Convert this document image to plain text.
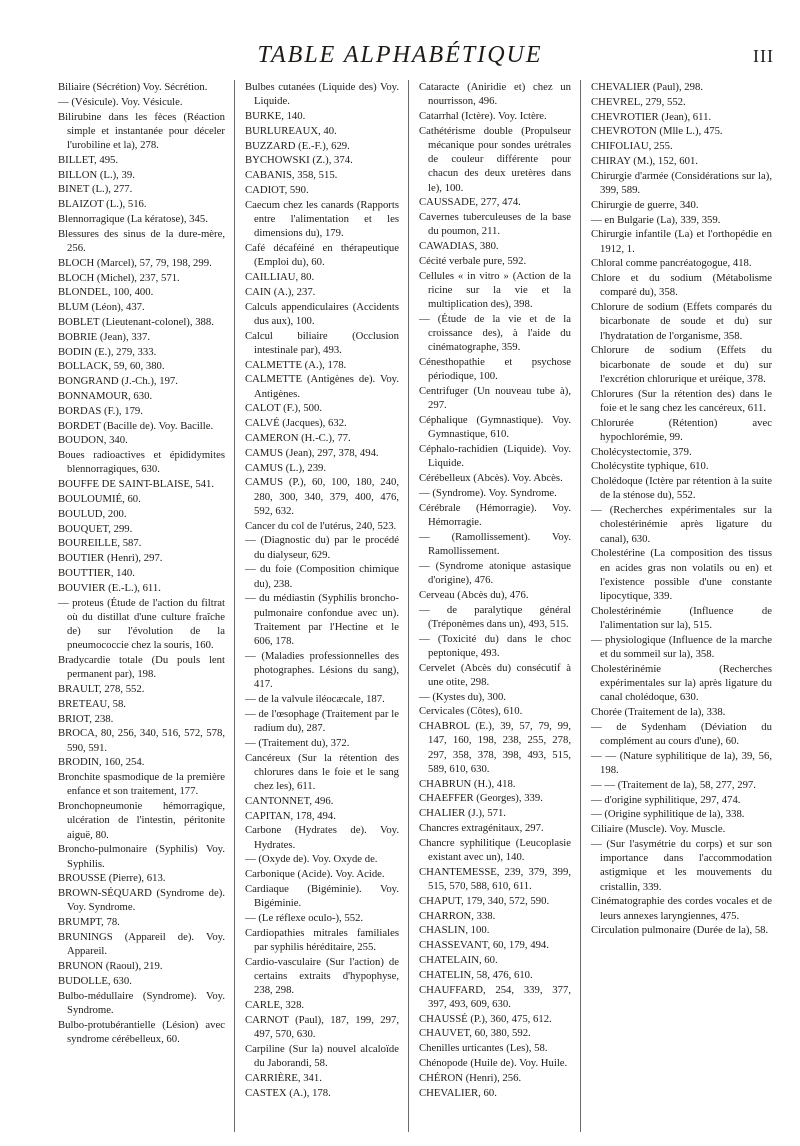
TABLE ALPHABÉTIQUE	III

Biliaire (Sécrétion) Voy. Sécrétion.

— (Vésicule). Voy. Vésicule.

Bilirubine dans les fèces (Réaction simple et instantanée pour déceler l'urobiline et la), 278.

BILLET, 495.

BILLON (L.), 39.

BINET (L.), 277.

BLAIZOT (L.), 516.

Blennorragique (La kératose), 345.

Blessures des sinus de la dure-mère, 256.

BLOCH (Marcel), 57, 79, 198, 299.

BLOCH (Michel), 237, 571.

BLONDEL, 100, 400.

BLUM (Léon), 437.

BOBLET (Lieutenant-colonel), 388.

BOBRIE (Jean), 337.

BODIN (E.), 279, 333.

BOLLACK, 59, 60, 380.

BONGRAND (J.-Ch.), 197.

BONNAMOUR, 630.

BORDAS (F.), 179.

BORDET (Bacille de). Voy. Bacille.

BOUDON, 340.

Boues radioactives et épididymites blennorragiques, 630.

BOUFFE DE SAINT-BLAISE, 541.

BOULOUMIÉ, 60.

BOULUD, 200.

BOUQUET, 299.

BOUREILLE, 587.

BOUTIER (Henri), 297.

BOUTTIER, 140.

BOUVIER (E.-L.), 611.

— proteus (Étude de l'action du filtrat où du distillat d'une culture fraîche de) sur l'évolution de la pneumococcie chez la souris, 160.

Bradycardie totale (Du pouls lent permanent par), 198.

BRAULT, 278, 552.

BRETEAU, 58.

BRIOT, 238.

BROCA, 80, 256, 340, 516, 572, 578, 590, 591.

BRODIN, 160, 254.

Bronchite spasmodique de la première enfance et son traitement, 177.

Bronchopneumonie hémorragique, ulcération de l'intestin, péritonite aiguë, 80.

Broncho-pulmonaire (Syphilis) Voy. Syphilis.

BROUSSE (Pierre), 613.

BROWN-SÉQUARD (Syndrome de). Voy. Syndrome.

BRUMPT, 78.

BRUNINGS (Appareil de). Voy. Appareil.

BRUNON (Raoul), 219.

BUDOLLE, 630.

Bulbo-médullaire (Syndrome). Voy. Syndrome.

Bulbo-protubérantielle (Lésion) avec syndrome cérébelleux, 60.

Bulbes cutanées (Liquide des) Voy. Liquide.

BURKE, 140.

BURLUREAUX, 40.

BUZZARD (E.-F.), 629.

BYCHOWSKI (Z.), 374.

CABANIS, 358, 515.

CADIOT, 590.

Caecum chez les canards (Rapports entre l'alimentation et les dimensions du), 179.

Café décaféiné en thérapeutique (Emploi du), 60.

CAILLIAU, 80.

CAIN (A.), 237.

Calculs appendiculaires (Accidents dus aux), 100.

Calcul biliaire (Occlusion intestinale par), 493.

CALMETTE (A.), 178.

CALMETTE (Antigènes de). Voy. Antigènes.

CALOT (F.), 500.

CALVÉ (Jacques), 632.

CAMERON (H.-C.), 77.

CAMUS (Jean), 297, 378, 494.

CAMUS (L.), 239.

CAMUS (P.), 60, 100, 180, 240, 280, 300, 340, 379, 400, 476, 592, 632.

Cancer du col de l'utérus, 240, 523.

— (Diagnostic du) par le procédé du dialyseur, 629.

— du foie (Composition chimique du), 238.

— du médiastin (Syphilis broncho-pulmonaire confondue avec un). Traitement par l'Hectine et le 606, 178.

— (Maladies professionnelles des photographes. Lésions du sang), 417.

— de la valvule iléocæcale, 187.

— de l'œsophage (Traitement par le radium du), 287.

— (Traitement du), 372.

Cancéreux (Sur la rétention des chlorures dans le foie et le sang chez les), 611.

CANTONNET, 496.

CAPITAN, 178, 494.

Carbone (Hydrates de). Voy. Hydrates.

— (Oxyde de). Voy. Oxyde de.

Carbonique (Acide). Voy. Acide.

Cardiaque (Bigéminie). Voy. Bigéminie.

— (Le réflexe oculo-), 552.

Cardiopathies mitrales familiales par syphilis héréditaire, 255.

Cardio-vasculaire (Sur l'action) de certains extraits d'hypophyse, 238, 298.

CARLE, 328.

CARNOT (Paul), 187, 199, 297, 497, 570, 630.

Carpiline (Sur la) nouvel alcaloïde du Jaborandi, 58.

CARRIÈRE, 341.

CASTEX (A.), 178.

Cataracte (Aniridie et) chez un nourrisson, 496.

Catarrhal (Ictère). Voy. Ictère.

Cathétérisme double (Propulseur mécanique pour sondes urétrales de couleur différente pour chacun des deux uretères dans le), 100.

CAUSSADE, 277, 474.

Cavernes tuberculeuses de la base du poumon, 211.

CAWADIAS, 380.

Cécité verbale pure, 592.

Cellules « in vitro » (Action de la ricine sur la vie et la multiplication des), 398.

— (Étude de la vie et de la croissance des), à l'aide du cinématographe, 359.

Cénesthopathie et psychose périodique, 100.

Centrifuger (Un nouveau tube à), 297.

Céphalique (Gymnastique). Voy. Gymnastique, 610.

Céphalo-rachidien (Liquide). Voy. Liquide.

Cérébelleux (Abcès). Voy. Abcès.

— (Syndrome). Voy. Syndrome.

Cérébrale (Hémorragie). Voy. Hémorragie.

— (Ramollissement). Voy. Ramollissement.

— (Syndrome atonique astasique d'origine), 476.

Cerveau (Abcès du), 476.

— de paralytique général (Tréponèmes dans un), 493, 515.

— (Toxicité du) dans le choc peptonique, 493.

Cervelet (Abcès du) consécutif à une otite, 298.

— (Kystes du), 300.

Cervicales (Côtes), 610.

CHABROL (E.), 39, 57, 79, 99, 147, 160, 198, 238, 255, 278, 297, 358, 378, 398, 493, 515, 589, 610, 630.

CHABRUN (H.), 418.

CHAEFFER (Georges), 339.

CHALIER (J.), 571.

Chancres extragénitaux, 297.

Chancre syphilitique (Leucoplasie existant avec un), 140.

CHANTEMESSE, 239, 379, 399, 515, 570, 588, 610, 611.

CHAPUT, 179, 340, 572, 590.

CHARRON, 338.

CHASLIN, 100.

CHASSEVANT, 60, 179, 494.

CHATELAIN, 60.

CHATELIN, 58, 476, 610.

CHAUFFARD, 254, 339, 377, 397, 493, 609, 630.

CHAUSSÉ (P.), 360, 475, 612.

CHAUVET, 60, 380, 592.

Chenilles urticantes (Les), 58.

Chénopode (Huile de). Voy. Huile.

CHÉRON (Henri), 256.

CHEVALIER, 60.

CHEVALIER (Paul), 298.

CHEVREL, 279, 552.

CHEVROTIER (Jean), 611.

CHEVROTON (Mlle L.), 475.

CHIFOLIAU, 255.

CHIRAY (M.), 152, 601.

Chirurgie d'armée (Considérations sur la), 399, 589.

Chirurgie de guerre, 340.

— en Bulgarie (La), 339, 359.

Chirurgie infantile (La) et l'orthopédie en 1912, 1.

Chloral comme pancréatogogue, 418.

Chlore et du sodium (Métabolisme comparé du), 358.

Chlorure de sodium (Effets comparés du bicarbonate de soude et du) sur l'hydratation de l'organisme, 358.

Chlorure de sodium (Effets du bicarbonate de soude et du) sur l'excrétion chlorurique et uréique, 378.

Chlorures (Sur la rétention des) dans le foie et le sang chez les cancéreux, 611.

Chlorurée (Rétention) avec hypochlorémie, 99.

Cholécystectomie, 379.

Cholécystite typhique, 610.

Cholédoque (Ictère par rétention à la suite de la sténose du), 552.

— (Recherches expérimentales sur la cholestérinémie après ligature du canal), 630.

Cholestérine (La composition des tissus en acides gras non volatils ou en) et l'existence possible d'une constante lipocytique, 339.

Cholestérinémie (Influence de l'alimentation sur la), 515.

— physiologique (Influence de la marche et du sommeil sur la), 358.

Cholestérinémie (Recherches expérimentales sur la) après ligature du canal cholédoque, 630.

Chorée (Traitement de la), 338.

— de Sydenham (Déviation du complément au cours d'une), 60.

— — (Nature syphilitique de la), 39, 56, 198.

— — (Traitement de la), 58, 277, 297.

— d'origine syphilitique, 297, 474.

— (Origine syphilitique de la), 338.

Ciliaire (Muscle). Voy. Muscle.

— (Sur l'asymétrie du corps) et sur son importance dans l'accommodation astigmique et les mouvements du cristallin, 339.

Cinématographie des cordes vocales et de leurs annexes laryngiennes, 475.

Circulation pulmonaire (Durée de la), 58.
